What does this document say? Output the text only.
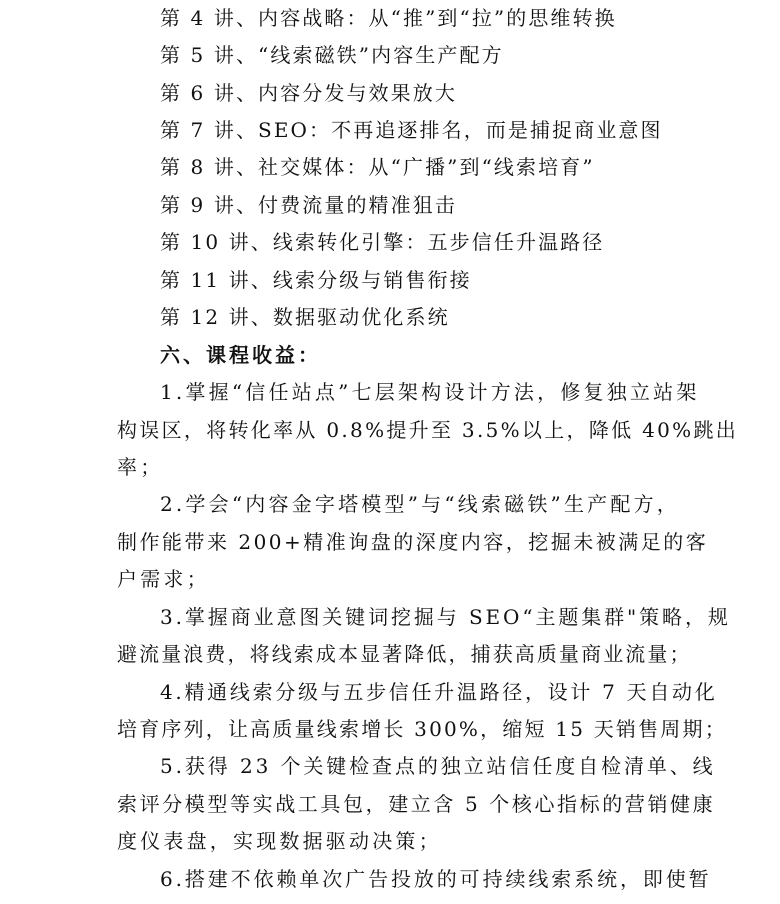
第 4 讲、内容战略：从“推”到“拉”的思维转换
第 5 讲、“线索磁铁”内容生产配方
第 6 讲、内容分发与效果放大
第 7 讲、SEO：不再追逐排名，而是捕捉商业意图
第 8 讲、社交媒体：从“广播”到“线索培育”
第 9 讲、付费流量的精准狙击
第 10 讲、线索转化引擎：五步信任升温路径
第 11 讲、线索分级与销售衔接
第 12 讲、数据驱动优化系统
六、课程收益：
1.掌握“信任站点”七层架构设计方法，修复独立站架
构误区，将转化率从 0.8%提升至 3.5%以上，降低 40%跳出
率；
2.学会“内容金字塔模型”与“线索磁铁”生产配方，
制作能带来 200+精准询盘的深度内容，挖掘未被满足的客
户需求；
3.掌握商业意图关键词挖掘与 SEO“主题集群"策略，规
避流量浪费，将线索成本显著降低，捕获高质量商业流量；
4.精通线索分级与五步信任升温路径，设计 7 天自动化
培育序列，让高质量线索增长 300%，缩短 15 天销售周期；
5.获得 23 个关键检查点的独立站信任度自检清单、线
索评分模型等实战工具包，建立含 5 个核心指标的营销健康
度仪表盘，实现数据驱动决策；
6.搭建不依赖单次广告投放的可持续线索系统，即使暂
